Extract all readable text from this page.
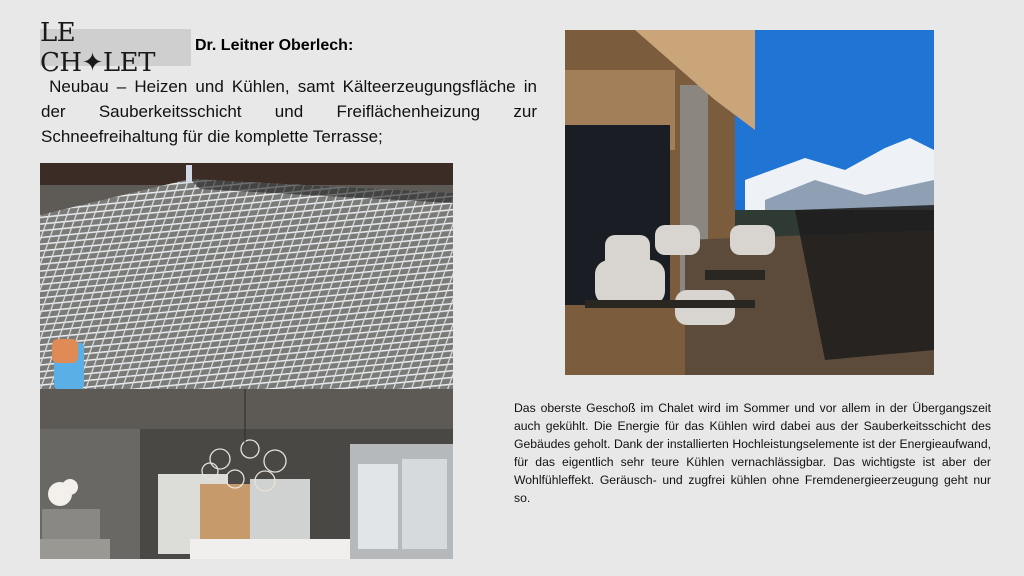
LE CH✦LET
Dr. Leitner Oberlech:
Neubau – Heizen und Kühlen, samt Kälteerzeugungsfläche in der Sauberkeitsschicht und Freiflächenheizung zur Schneefreihaltung für die komplette Terrasse;
Das oberste Geschoß im Chalet wird im Sommer und vor allem in der Übergangszeit auch gekühlt. Die Energie für das Kühlen wird dabei aus der Sauberkeitsschicht des Gebäudes geholt. Dank der installierten Hochleistungselemente ist der Energieaufwand, für das eigentlich sehr teure Kühlen vernachlässigbar. Das wichtigste ist aber der Wohlfühleffekt. Geräusch- und zugfrei kühlen ohne Fremdenergieerzeugung geht nur so.
